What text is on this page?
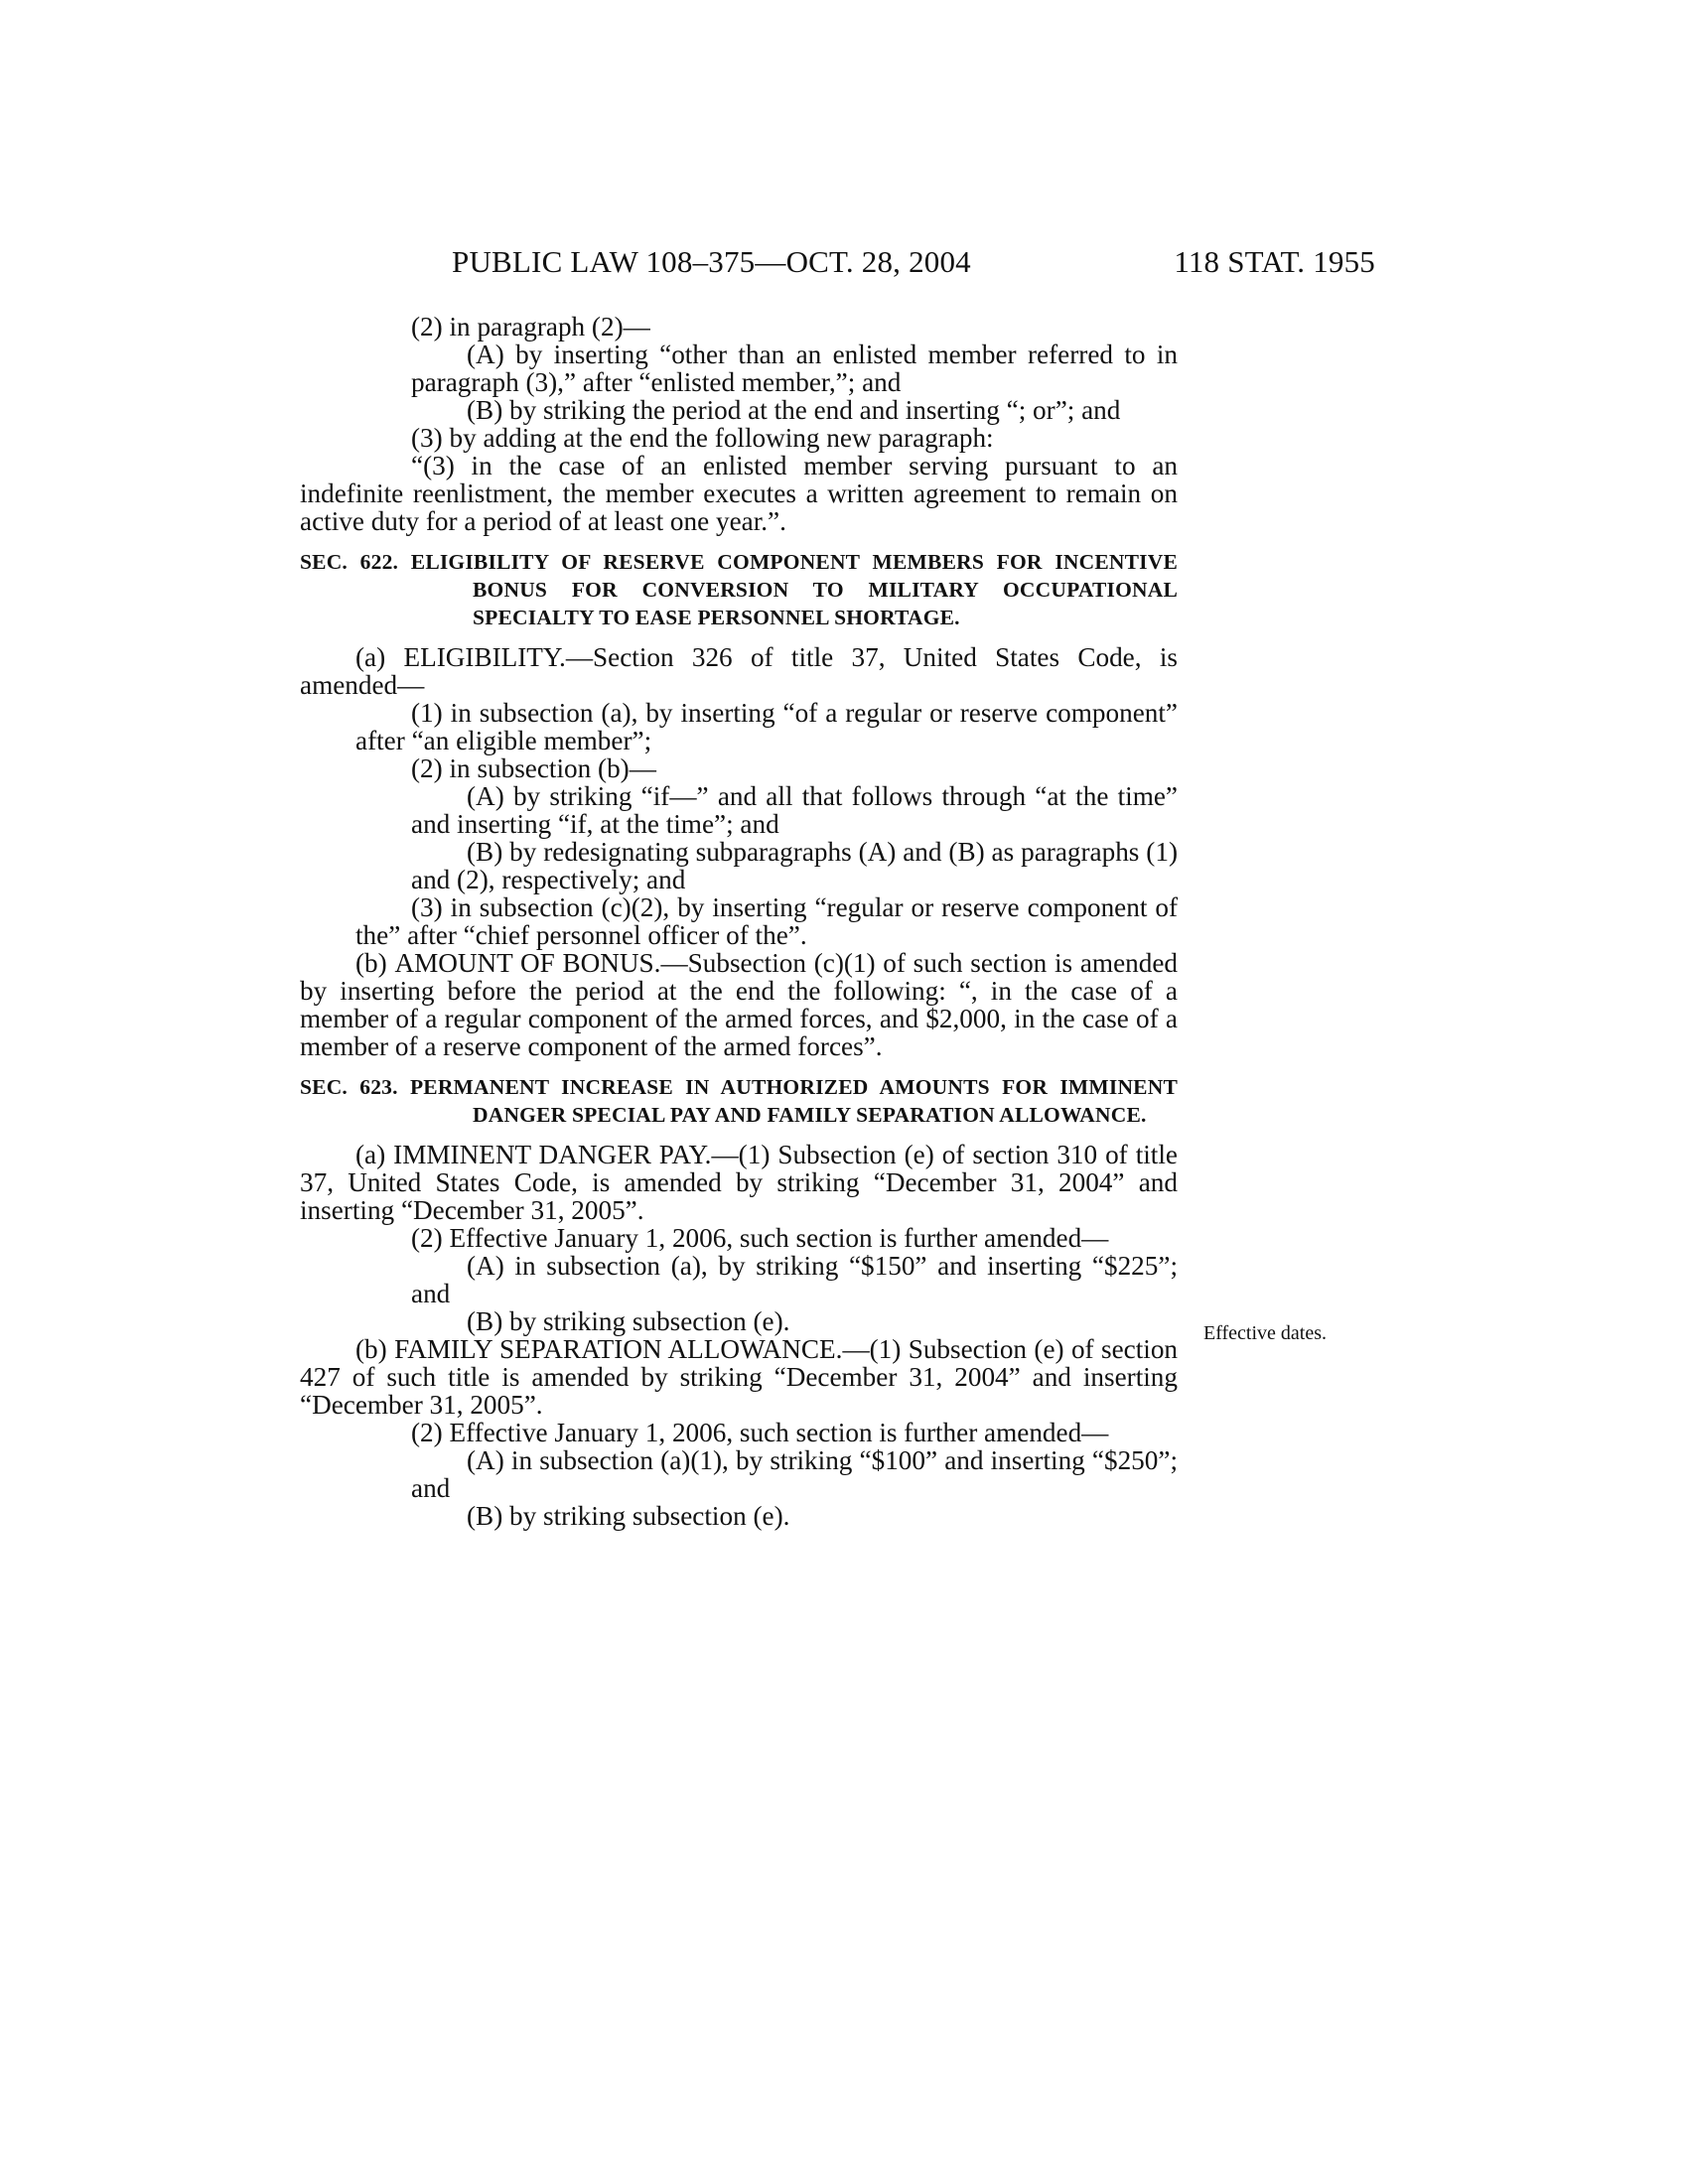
PUBLIC LAW 108–375—OCT. 28, 2004	118 STAT. 1955

(2) in paragraph (2)—

(A) by inserting “other than an enlisted member referred to in paragraph (3),” after “enlisted member,”; and

(B) by striking the period at the end and inserting “; or”; and

(3) by adding at the end the following new paragraph:

“(3) in the case of an enlisted member serving pursuant to an indefinite reenlistment, the member executes a written agreement to remain on active duty for a period of at least one year.”.

SEC. 622. ELIGIBILITY OF RESERVE COMPONENT MEMBERS FOR INCENTIVE BONUS FOR CONVERSION TO MILITARY OCCUPATIONAL SPECIALTY TO EASE PERSONNEL SHORTAGE.

(a) ELIGIBILITY.—Section 326 of title 37, United States Code, is amended—

(1) in subsection (a), by inserting “of a regular or reserve component” after “an eligible member”;

(2) in subsection (b)—

(A) by striking “if—” and all that follows through “at the time” and inserting “if, at the time”; and

(B) by redesignating subparagraphs (A) and (B) as paragraphs (1) and (2), respectively; and

(3) in subsection (c)(2), by inserting “regular or reserve component of the” after “chief personnel officer of the”.

(b) AMOUNT OF BONUS.—Subsection (c)(1) of such section is amended by inserting before the period at the end the following: “, in the case of a member of a regular component of the armed forces, and $2,000, in the case of a member of a reserve component of the armed forces”.

SEC. 623. PERMANENT INCREASE IN AUTHORIZED AMOUNTS FOR IMMINENT DANGER SPECIAL PAY AND FAMILY SEPARATION ALLOWANCE.

(a) IMMINENT DANGER PAY.—(1) Subsection (e) of section 310 of title 37, United States Code, is amended by striking “December 31, 2004” and inserting “December 31, 2005”.

(2) Effective January 1, 2006, such section is further amended—

(A) in subsection (a), by striking “$150” and inserting “$225”; and

(B) by striking subsection (e).

(b) FAMILY SEPARATION ALLOWANCE.—(1) Subsection (e) of section 427 of such title is amended by striking “December 31, 2004” and inserting “December 31, 2005”.

(2) Effective January 1, 2006, such section is further amended—

(A) in subsection (a)(1), by striking “$100” and inserting “$250”; and

(B) by striking subsection (e).

Effective dates.
